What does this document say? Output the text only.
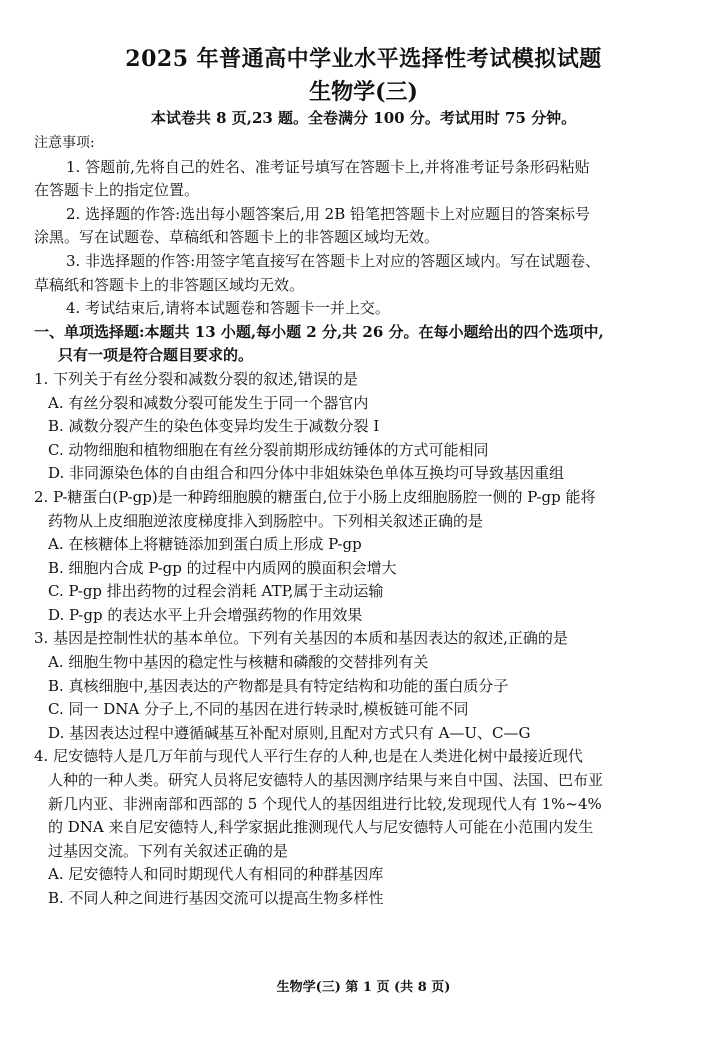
2025 年普通高中学业水平选择性考试模拟试题
生物学(三)
本试卷共 8 页,23 题。全卷满分 100 分。考试用时 75 分钟。

注意事项:

1. 答题前,先将自己的姓名、准考证号填写在答题卡上,并将准考证号条形码粘贴

在答题卡上的指定位置。

2. 选择题的作答:选出每小题答案后,用 2B 铅笔把答题卡上对应题目的答案标号

涂黑。写在试题卷、草稿纸和答题卡上的非答题区域均无效。

3. 非选择题的作答:用签字笔直接写在答题卡上对应的答题区域内。写在试题卷、

草稿纸和答题卡上的非答题区域均无效。

4. 考试结束后,请将本试题卷和答题卡一并上交。

一、单项选择题:本题共 13 小题,每小题 2 分,共 26 分。在每小题给出的四个选项中,

只有一项是符合题目要求的。

1. 下列关于有丝分裂和减数分裂的叙述,错误的是

A. 有丝分裂和减数分裂可能发生于同一个器官内

B. 减数分裂产生的染色体变异均发生于减数分裂 Ⅰ

C. 动物细胞和植物细胞在有丝分裂前期形成纺锤体的方式可能相同

D. 非同源染色体的自由组合和四分体中非姐妹染色单体互换均可导致基因重组

2. P-糖蛋白(P-gp)是一种跨细胞膜的糖蛋白,位于小肠上皮细胞肠腔一侧的 P-gp 能将

药物从上皮细胞逆浓度梯度排入到肠腔中。下列相关叙述正确的是

A. 在核糖体上将糖链添加到蛋白质上形成 P-gp

B. 细胞内合成 P-gp 的过程中内质网的膜面积会增大

C. P-gp 排出药物的过程会消耗 ATP,属于主动运输

D. P-gp 的表达水平上升会增强药物的作用效果

3. 基因是控制性状的基本单位。下列有关基因的本质和基因表达的叙述,正确的是

A. 细胞生物中基因的稳定性与核糖和磷酸的交替排列有关

B. 真核细胞中,基因表达的产物都是具有特定结构和功能的蛋白质分子

C. 同一 DNA 分子上,不同的基因在进行转录时,模板链可能不同

D. 基因表达过程中遵循碱基互补配对原则,且配对方式只有 A—U、C—G

4. 尼安德特人是几万年前与现代人平行生存的人种,也是在人类进化树中最接近现代

人种的一种人类。研究人员将尼安德特人的基因测序结果与来自中国、法国、巴布亚

新几内亚、非洲南部和西部的 5 个现代人的基因组进行比较,发现现代人有 1%~4%

的 DNA 来自尼安德特人,科学家据此推测现代人与尼安德特人可能在小范围内发生

过基因交流。下列有关叙述正确的是

A. 尼安德特人和同时期现代人有相同的种群基因库

B. 不同人种之间进行基因交流可以提高生物多样性

生物学(三) 第 1 页 (共 8 页)
